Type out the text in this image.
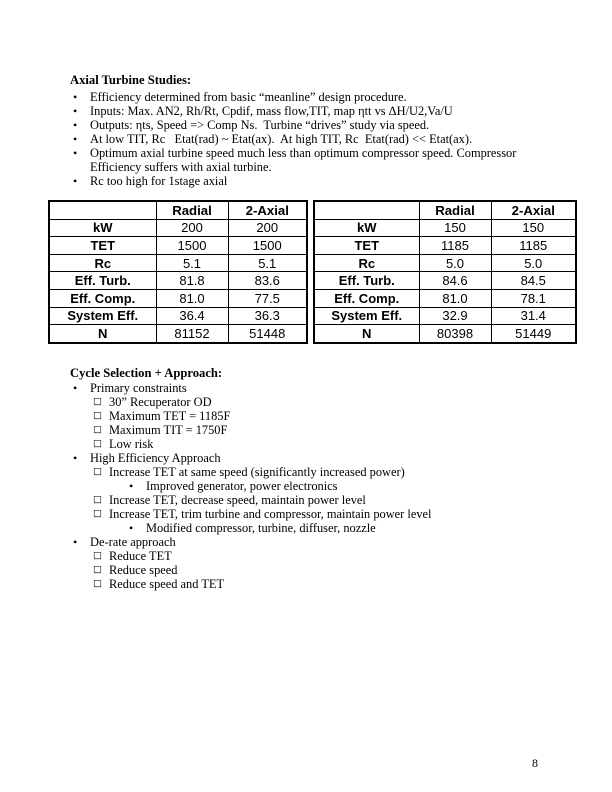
Axial Turbine Studies:
•	Efficiency determined from basic “meanline” design procedure.
•	Inputs: Max. AN2, Rh/Rt, Cpdif, mass flow,TIT, map ηtt vs ΔH/U2,Va/U
•	Outputs: ηts, Speed => Comp Ns.  Turbine “drives” study via speed.
•	At low TIT, Rc   Etat(rad) ~ Etat(ax).  At high TIT, Rc  Etat(rad) << Etat(ax).
•	Optimum axial turbine speed much less than optimum compressor speed. Compressor Efficiency suffers with axial turbine.
•	Rc too high for 1stage axial
	Radial	2-Axial
kW	200	200
TET	1500	1500
Rc	5.1	5.1
Eff. Turb.	81.8	83.6
Eff. Comp.	81.0	77.5
System Eff.	36.4	36.3
N	81152	51448
	Radial	2-Axial
kW	150	150
TET	1185	1185
Rc	5.0	5.0
Eff. Turb.	84.6	84.5
Eff. Comp.	81.0	78.1
System Eff.	32.9	31.4
N	80398	51449
Cycle Selection + Approach:
•	Primary constraints
□ 30” Recuperator OD
□ Maximum TET = 1185F
□ Maximum TIT = 1750F
□ Low risk
•	High Efficiency Approach
□ Increase TET at same speed (significantly increased power)
•	Improved generator, power electronics
□ Increase TET, decrease speed, maintain power level
□ Increase TET, trim turbine and compressor, maintain power level
•	Modified compressor, turbine, diffuser, nozzle
•	De-rate approach
□ Reduce TET
□ Reduce speed
□ Reduce speed and TET
8
